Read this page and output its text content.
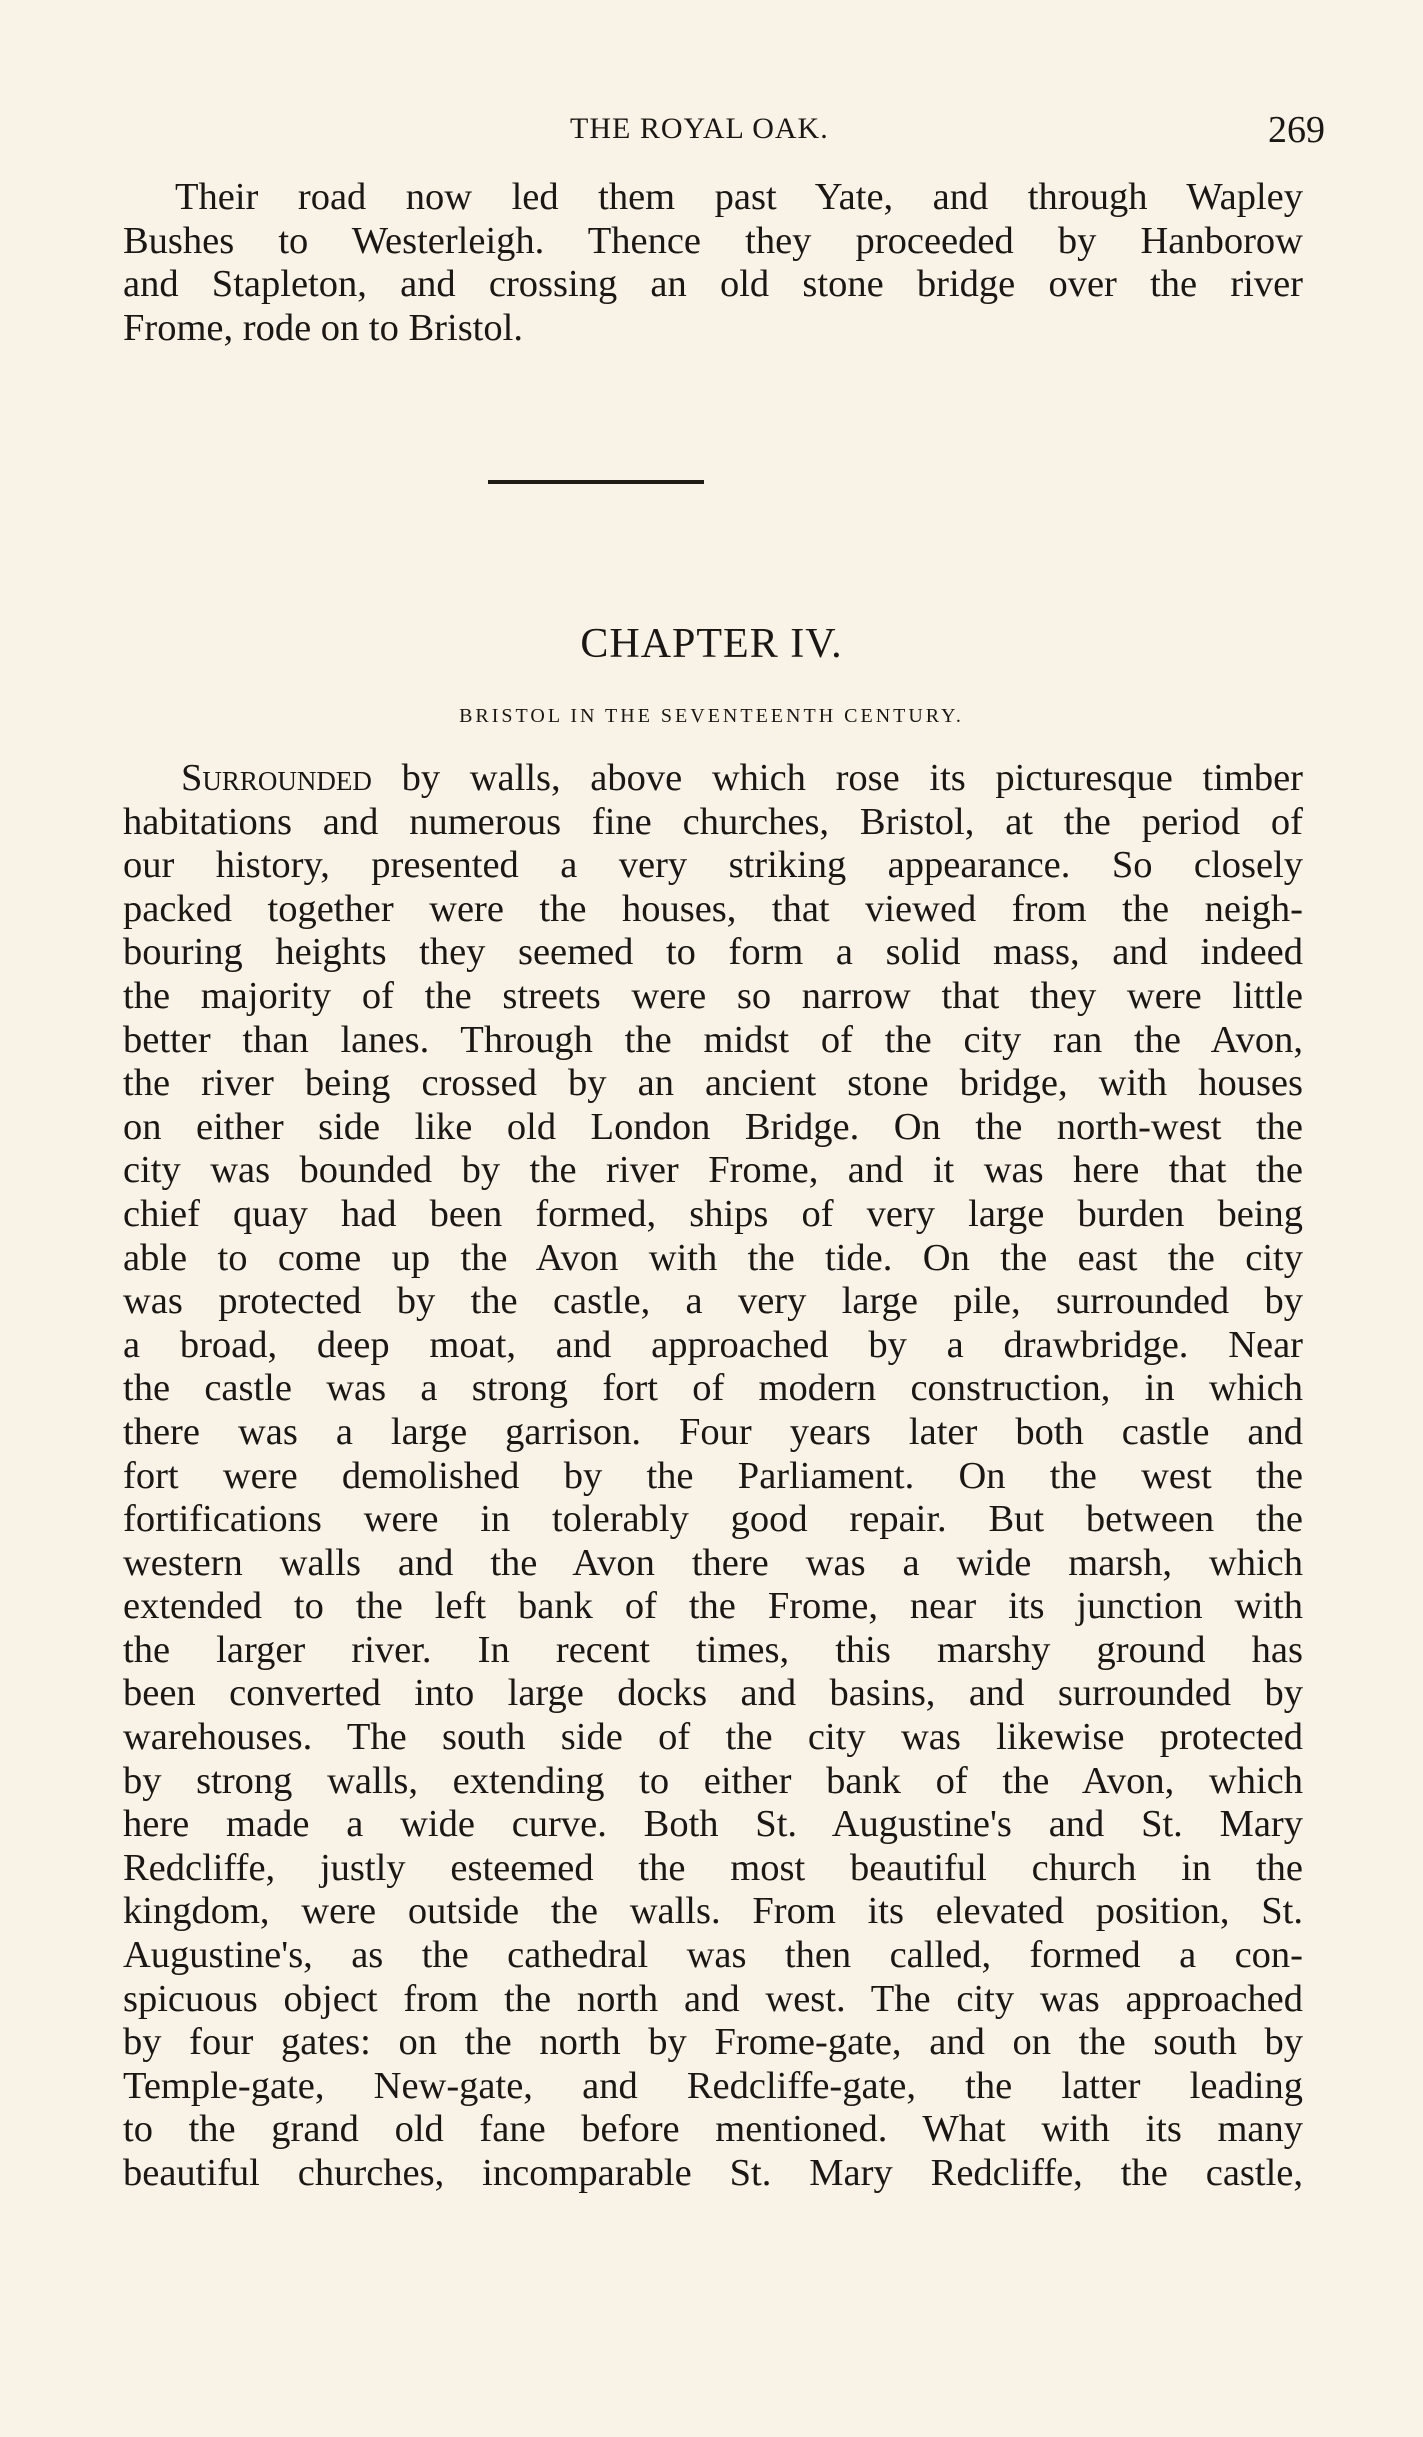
THE ROYAL OAK.	269
Their road now led them past Yate, and through Wapley
Bushes to Westerleigh. Thence they proceeded by Hanborow
and Stapleton, and crossing an old stone bridge over the river
Frome, rode on to Bristol.
CHAPTER IV.
BRISTOL IN THE SEVENTEENTH CENTURY.
Surrounded by walls, above which rose its picturesque timber
habitations and numerous fine churches, Bristol, at the period of
our history, presented a very striking appearance. So closely
packed together were the houses, that viewed from the neigh-
bouring heights they seemed to form a solid mass, and indeed
the majority of the streets were so narrow that they were little
better than lanes. Through the midst of the city ran the Avon,
the river being crossed by an ancient stone bridge, with houses
on either side like old London Bridge. On the north-west the
city was bounded by the river Frome, and it was here that the
chief quay had been formed, ships of very large burden being
able to come up the Avon with the tide. On the east the city
was protected by the castle, a very large pile, surrounded by
a broad, deep moat, and approached by a drawbridge. Near
the castle was a strong fort of modern construction, in which
there was a large garrison. Four years later both castle and
fort were demolished by the Parliament. On the west the
fortifications were in tolerably good repair. But between the
western walls and the Avon there was a wide marsh, which
extended to the left bank of the Frome, near its junction with
the larger river. In recent times, this marshy ground has
been converted into large docks and basins, and surrounded by
warehouses. The south side of the city was likewise protected
by strong walls, extending to either bank of the Avon, which
here made a wide curve. Both St. Augustine's and St. Mary
Redcliffe, justly esteemed the most beautiful church in the
kingdom, were outside the walls. From its elevated position, St.
Augustine's, as the cathedral was then called, formed a con-
spicuous object from the north and west. The city was approached
by four gates: on the north by Frome-gate, and on the south by
Temple-gate, New-gate, and Redcliffe-gate, the latter leading
to the grand old fane before mentioned. What with its many
beautiful churches, incomparable St. Mary Redcliffe, the castle,
